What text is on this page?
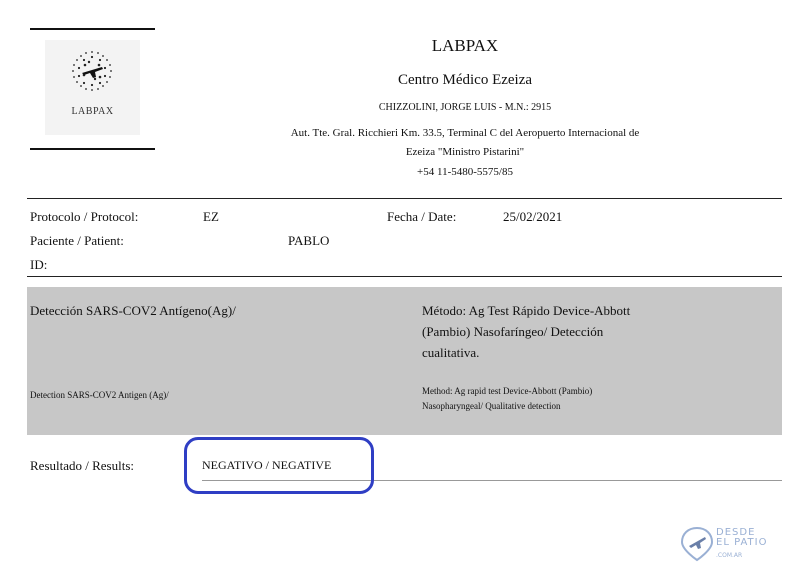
LABPAX
LABPAX
Centro Médico Ezeiza
CHIZZOLINI, JORGE LUIS - M.N.: 2915
Aut. Tte. Gral. Ricchieri Km. 33.5, Terminal C del Aeropuerto Internacional de
Ezeiza "Ministro Pistarini"
+54 11-5480-5575/85
Protocolo / Protocol:	EZ	Fecha / Date:	25/02/2021
Paciente / Patient:	PABLO
ID:
Detección SARS-COV2 Antígeno(Ag)/	Método: Ag Test Rápido Device-Abbott
(Pambio) Nasofaríngeo/ Detección
cualitativa.
Detection SARS-COV2 Antigen (Ag)/	Method: Ag rapid test Device-Abbott (Pambio)
Nasopharyngeal/ Qualitative detection
Resultado / Results:	NEGATIVO / NEGATIVE
DESDE
EL PATIO
.COM.AR
